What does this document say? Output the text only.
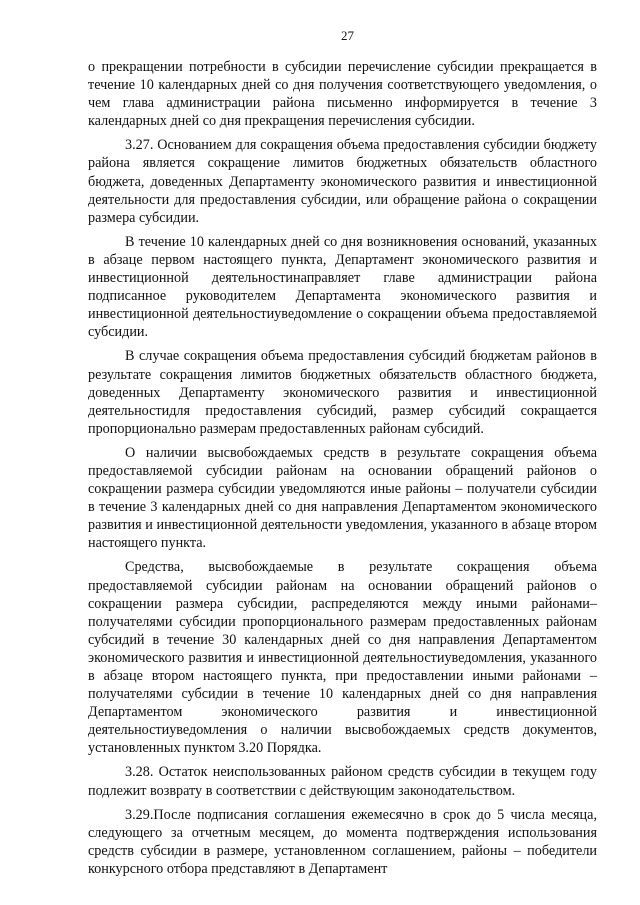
27

о прекращении потребности в субсидии перечисление субсидии прекращается в течение 10 календарных дней со дня получения соответствующего уведомления, о чем глава администрации района письменно информируется в течение 3 календарных дней со дня прекращения перечисления субсидии.

3.27. Основанием для сокращения объема предоставления субсидии бюджету района является сокращение лимитов бюджетных обязательств областного бюджета, доведенных Департаменту экономического развития и инвестиционной деятельности для предоставления субсидии, или обращение района о сокращении размера субсидии.

В течение 10 календарных дней со дня возникновения оснований, указанных в абзаце первом настоящего пункта, Департамент экономического развития и инвестиционной деятельностинаправляет главе администрации района подписанное руководителем Департамента экономического развития и инвестиционной деятельностиуведомление о сокращении объема предоставляемой субсидии.

В случае сокращения объема предоставления субсидий бюджетам районов в результате сокращения лимитов бюджетных обязательств областного бюджета, доведенных Департаменту экономического развития и инвестиционной деятельностидля предоставления субсидий, размер субсидий сокращается пропорционально размерам предоставленных районам субсидий.

О наличии высвобождаемых средств в результате сокращения объема предоставляемой субсидии районам на основании обращений районов о сокращении размера субсидии уведомляются иные районы – получатели субсидии в течение 3 календарных дней со дня направления Департаментом экономического развития и инвестиционной деятельности уведомления, указанного в абзаце втором настоящего пункта.

Средства, высвобождаемые в результате сокращения объема предоставляемой субсидии районам на основании обращений районов о сокращении размера субсидии, распределяются между иными районами– получателями субсидии пропорционального размерам предоставленных районам субсидий в течение 30 календарных дней со дня направления Департаментом экономического развития и инвестиционной деятельностиуведомления, указанного в абзаце втором настоящего пункта, при предоставлении иными районами – получателями субсидии в течение 10 календарных дней со дня направления Департаментом экономического развития и инвестиционной деятельностиуведомления о наличии высвобождаемых средств документов, установленных пунктом 3.20 Порядка.

3.28. Остаток неиспользованных районом средств субсидии в текущем году подлежит возврату в соответствии с действующим законодательством.

3.29.После подписания соглашения ежемесячно в срок до 5 числа месяца, следующего за отчетным месяцем, до момента подтверждения использования средств субсидии в размере, установленном соглашением, районы – победители конкурсного отбора представляют в Департамент
